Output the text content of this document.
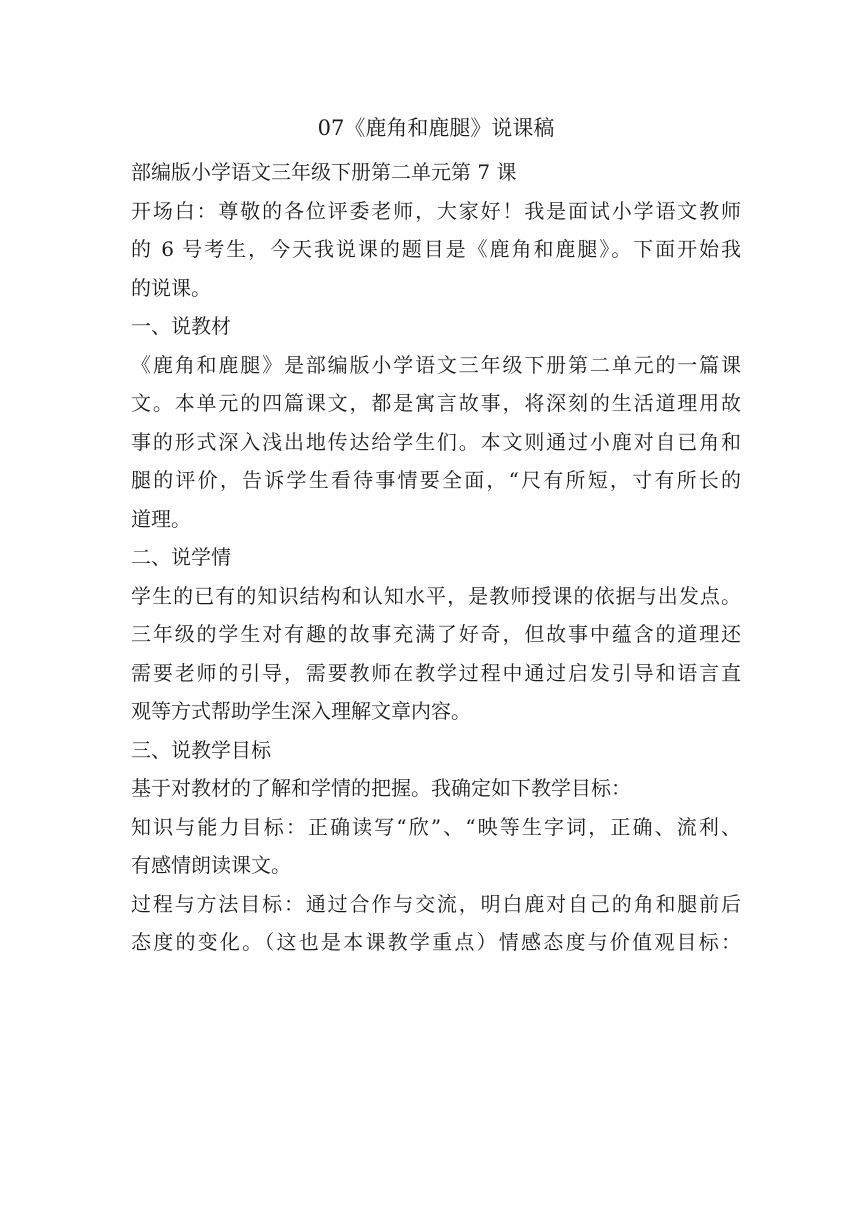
07《鹿角和鹿腿》说课稿
部编版小学语文三年级下册第二单元第 7 课
开场白：尊敬的各位评委老师，大家好！我是面试小学语文教师
的 6 号考生，今天我说课的题目是《鹿角和鹿腿》。下面开始我
的说课。
一、说教材
《鹿角和鹿腿》是部编版小学语文三年级下册第二单元的一篇课
文。本单元的四篇课文，都是寓言故事，将深刻的生活道理用故
事的形式深入浅出地传达给学生们。本文则通过小鹿对自已角和
腿的评价，告诉学生看待事情要全面，“尺有所短，寸有所长的
道理。
二、说学情
学生的已有的知识结构和认知水平，是教师授课的依据与出发点。
三年级的学生对有趣的故事充满了好奇，但故事中蕴含的道理还
需要老师的引导，需要教师在教学过程中通过启发引导和语言直
观等方式帮助学生深入理解文章内容。
三、说教学目标
基于对教材的了解和学情的把握。我确定如下教学目标：
知识与能力目标：正确读写“欣”、“映等生字词，正确、流利、
有感情朗读课文。
过程与方法目标：通过合作与交流，明白鹿对自己的角和腿前后
态度的变化。（这也是本课教学重点）情感态度与价值观目标：
